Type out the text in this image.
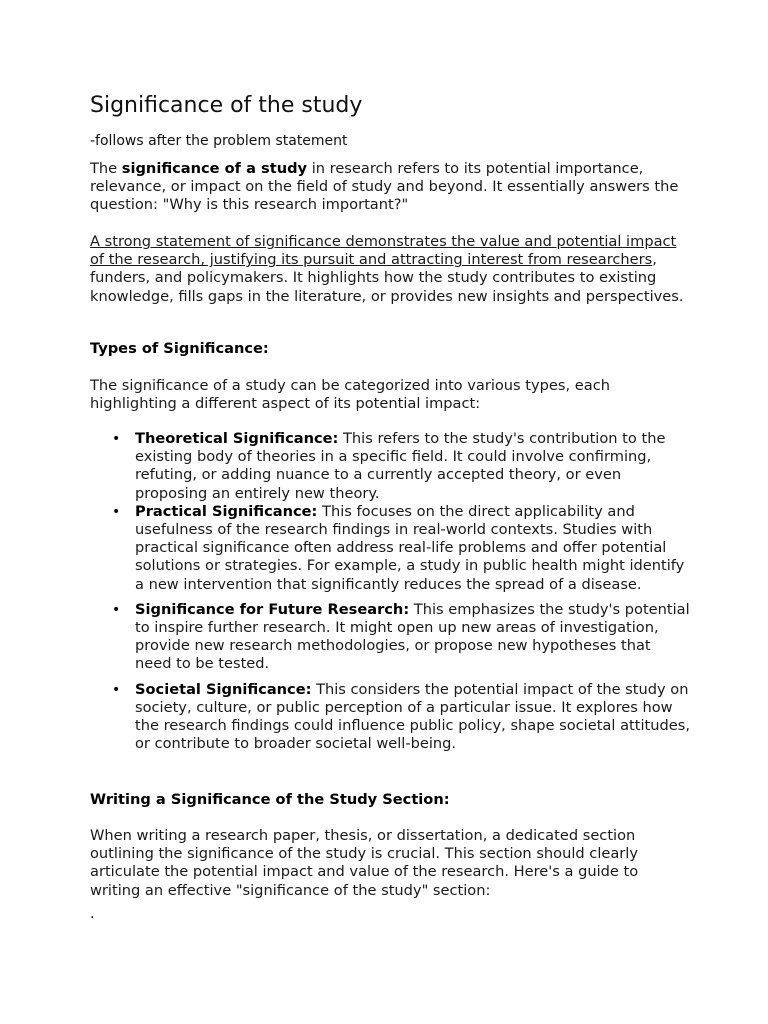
Significance of the study

-follows after the problem statement

The significance of a study in research refers to its potential importance, relevance, or impact on the field of study and beyond. It essentially answers the question: "Why is this research important?"

A strong statement of significance demonstrates the value and potential impact of the research, justifying its pursuit and attracting interest from researchers, funders, and policymakers. It highlights how the study contributes to existing knowledge, fills gaps in the literature, or provides new insights and perspectives.

Types of Significance:

The significance of a study can be categorized into various types, each highlighting a different aspect of its potential impact:

• Theoretical Significance: This refers to the study's contribution to the existing body of theories in a specific field. It could involve confirming, refuting, or adding nuance to a currently accepted theory, or even proposing an entirely new theory.
• Practical Significance: This focuses on the direct applicability and usefulness of the research findings in real-world contexts. Studies with practical significance often address real-life problems and offer potential solutions or strategies. For example, a study in public health might identify a new intervention that significantly reduces the spread of a disease.
• Significance for Future Research: This emphasizes the study's potential to inspire further research. It might open up new areas of investigation, provide new research methodologies, or propose new hypotheses that need to be tested.
• Societal Significance: This considers the potential impact of the study on society, culture, or public perception of a particular issue. It explores how the research findings could influence public policy, shape societal attitudes, or contribute to broader societal well-being.
Writing a Significance of the Study Section:

When writing a research paper, thesis, or dissertation, a dedicated section outlining the significance of the study is crucial. This section should clearly articulate the potential impact and value of the research. Here's a guide to writing an effective "significance of the study" section:

.
